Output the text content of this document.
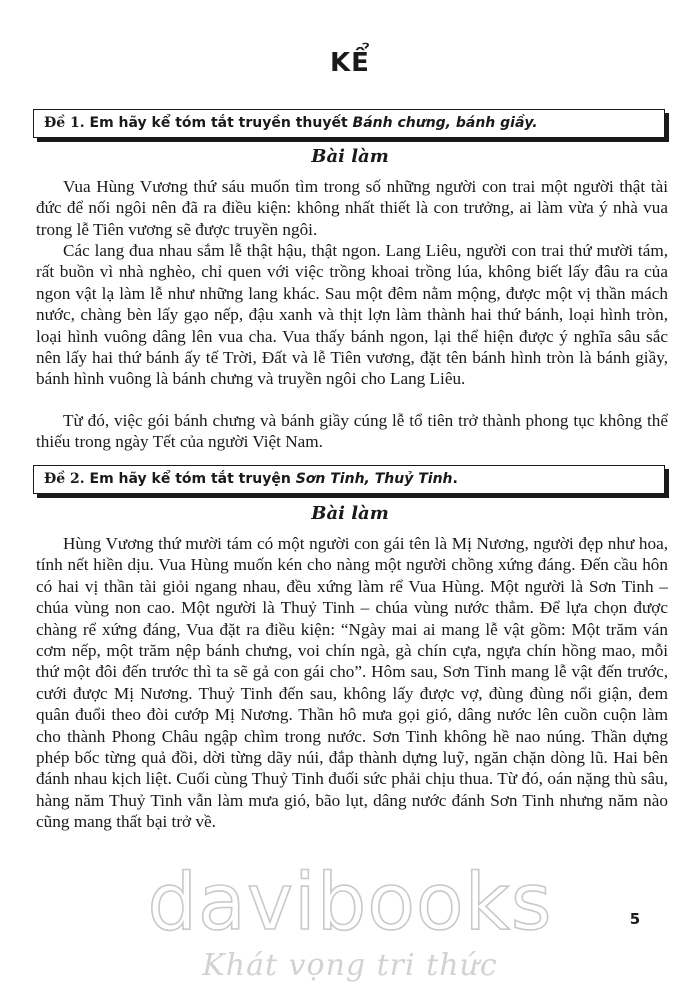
KỂ
Đề 1. Em hãy kể tóm tắt truyền thuyết Bánh chưng, bánh giầy.
Bài làm

Vua Hùng Vương thứ sáu muốn tìm trong số những người con trai một người thật tài đức để nối ngôi nên đã ra điều kiện: không nhất thiết là con trưởng, ai làm vừa ý nhà vua trong lễ Tiên vương sẽ được truyền ngôi.

Các lang đua nhau sắm lễ thật hậu, thật ngon. Lang Liêu, người con trai thứ mười tám, rất buồn vì nhà nghèo, chỉ quen với việc trồng khoai trồng lúa, không biết lấy đâu ra của ngon vật lạ làm lễ như những lang khác. Sau một đêm nằm mộng, được một vị thần mách nước, chàng bèn lấy gạo nếp, đậu xanh và thịt lợn làm thành hai thứ bánh, loại hình tròn, loại hình vuông dâng lên vua cha. Vua thấy bánh ngon, lại thể hiện được ý nghĩa sâu sắc nên lấy hai thứ bánh ấy tế Trời, Đất và lễ Tiên vương, đặt tên bánh hình tròn là bánh giầy, bánh hình vuông là bánh chưng và truyền ngôi cho Lang Liêu.

Từ đó, việc gói bánh chưng và bánh giầy cúng lễ tổ tiên trở thành phong tục không thể thiếu trong ngày Tết của người Việt Nam.

Đề 2. Em hãy kể tóm tắt truyện Sơn Tinh, Thuỷ Tinh.
Bài làm

Hùng Vương thứ mười tám có một người con gái tên là Mị Nương, người đẹp như hoa, tính nết hiền dịu. Vua Hùng muốn kén cho nàng một người chồng xứng đáng. Đến cầu hôn có hai vị thần tài giỏi ngang nhau, đều xứng làm rể Vua Hùng. Một người là Sơn Tinh – chúa vùng non cao. Một người là Thuỷ Tinh – chúa vùng nước thẳm. Để lựa chọn được chàng rể xứng đáng, Vua đặt ra điều kiện: “Ngày mai ai mang lễ vật gồm: Một trăm ván cơm nếp, một trăm nệp bánh chưng, voi chín ngà, gà chín cựa, ngựa chín hồng mao, mỗi thứ một đôi đến trước thì ta sẽ gả con gái cho”. Hôm sau, Sơn Tinh mang lễ vật đến trước, cưới được Mị Nương. Thuỷ Tinh đến sau, không lấy được vợ, đùng đùng nổi giận, đem quân đuổi theo đòi cướp Mị Nương. Thần hô mưa gọi gió, dâng nước lên cuồn cuộn làm cho thành Phong Châu ngập chìm trong nước. Sơn Tinh không hề nao núng. Thần dựng phép bốc từng quả đồi, dời từng dãy núi, đắp thành dựng luỹ, ngăn chặn dòng lũ. Hai bên đánh nhau kịch liệt. Cuối cùng Thuỷ Tinh đuối sức phải chịu thua. Từ đó, oán nặng thù sâu, hàng năm Thuỷ Tinh vẫn làm mưa gió, bão lụt, dâng nước đánh Sơn Tinh nhưng năm nào cũng mang thất bại trở về.

davibooks
Khát vọng tri thức
5
